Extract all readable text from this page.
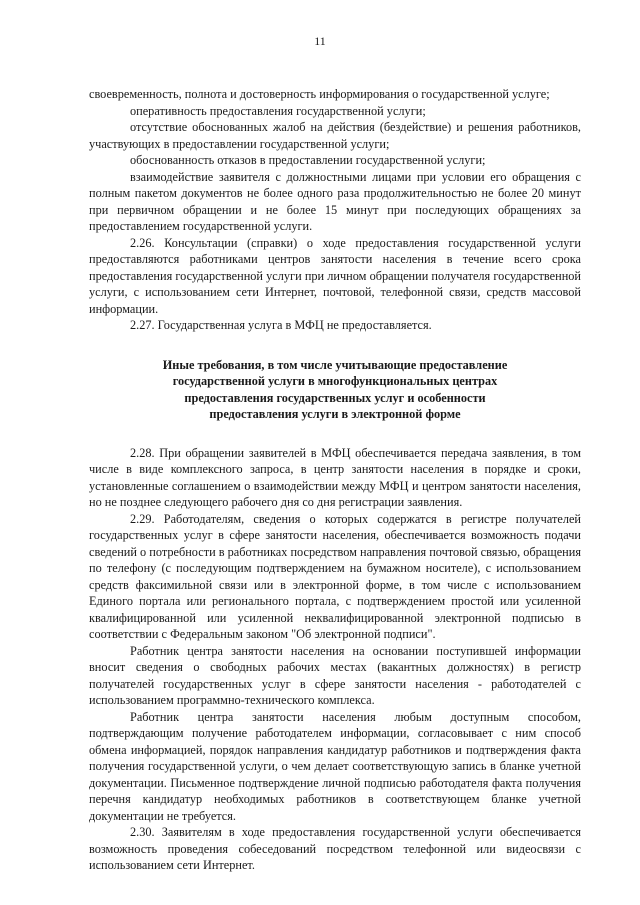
11

своевременность, полнота и достоверность информирования о государственной услуге;

оперативность предоставления государственной услуги;

отсутствие обоснованных жалоб на действия (бездействие) и решения работников, участвующих в предоставлении государственной услуги;

обоснованность отказов в предоставлении государственной услуги;

взаимодействие заявителя с должностными лицами при условии его обращения с полным пакетом документов не более одного раза продолжительностью не более 20 минут при первичном обращении и не более 15 минут при последующих обращениях за предоставлением государственной услуги.

2.26. Консультации (справки) о ходе предоставления государственной услуги предоставляются работниками центров занятости населения в течение всего срока предоставления государственной услуги при личном обращении получателя государственной услуги, с использованием сети Интернет, почтовой, телефонной связи, средств массовой информации.

2.27. Государственная услуга в МФЦ не предоставляется.

Иные требования, в том числе учитывающие предоставление
государственной услуги в многофункциональных центрах
предоставления государственных услуг и особенности
предоставления услуги в электронной форме

2.28. При обращении заявителей в МФЦ обеспечивается передача заявления, в том числе в виде комплексного запроса, в центр занятости населения в порядке и сроки, установленные соглашением о взаимодействии между МФЦ и центром занятости населения, но не позднее следующего рабочего дня со дня регистрации заявления.

2.29. Работодателям, сведения о которых содержатся в регистре получателей государственных услуг в сфере занятости населения, обеспечивается возможность подачи сведений о потребности в работниках посредством направления почтовой связью, обращения по телефону (с последующим подтверждением на бумажном носителе), с использованием средств факсимильной связи или в электронной форме, в том числе с использованием Единого портала или регионального портала, с подтверждением простой или усиленной квалифицированной или усиленной неквалифицированной электронной подписью в соответствии с Федеральным законом "Об электронной подписи".

Работник центра занятости населения на основании поступившей информации вносит сведения о свободных рабочих местах (вакантных должностях) в регистр получателей государственных услуг в сфере занятости населения - работодателей с использованием программно-технического комплекса.

Работник центра занятости населения любым доступным способом, подтверждающим получение работодателем информации, согласовывает с ним способ обмена информацией, порядок направления кандидатур работников и подтверждения факта получения государственной услуги, о чем делает соответствующую запись в бланке учетной документации. Письменное подтверждение личной подписью работодателя факта получения перечня кандидатур необходимых работников в соответствующем бланке учетной документации не требуется.

2.30. Заявителям в ходе предоставления государственной услуги обеспечивается возможность проведения собеседований посредством телефонной или видеосвязи с использованием сети Интернет.
